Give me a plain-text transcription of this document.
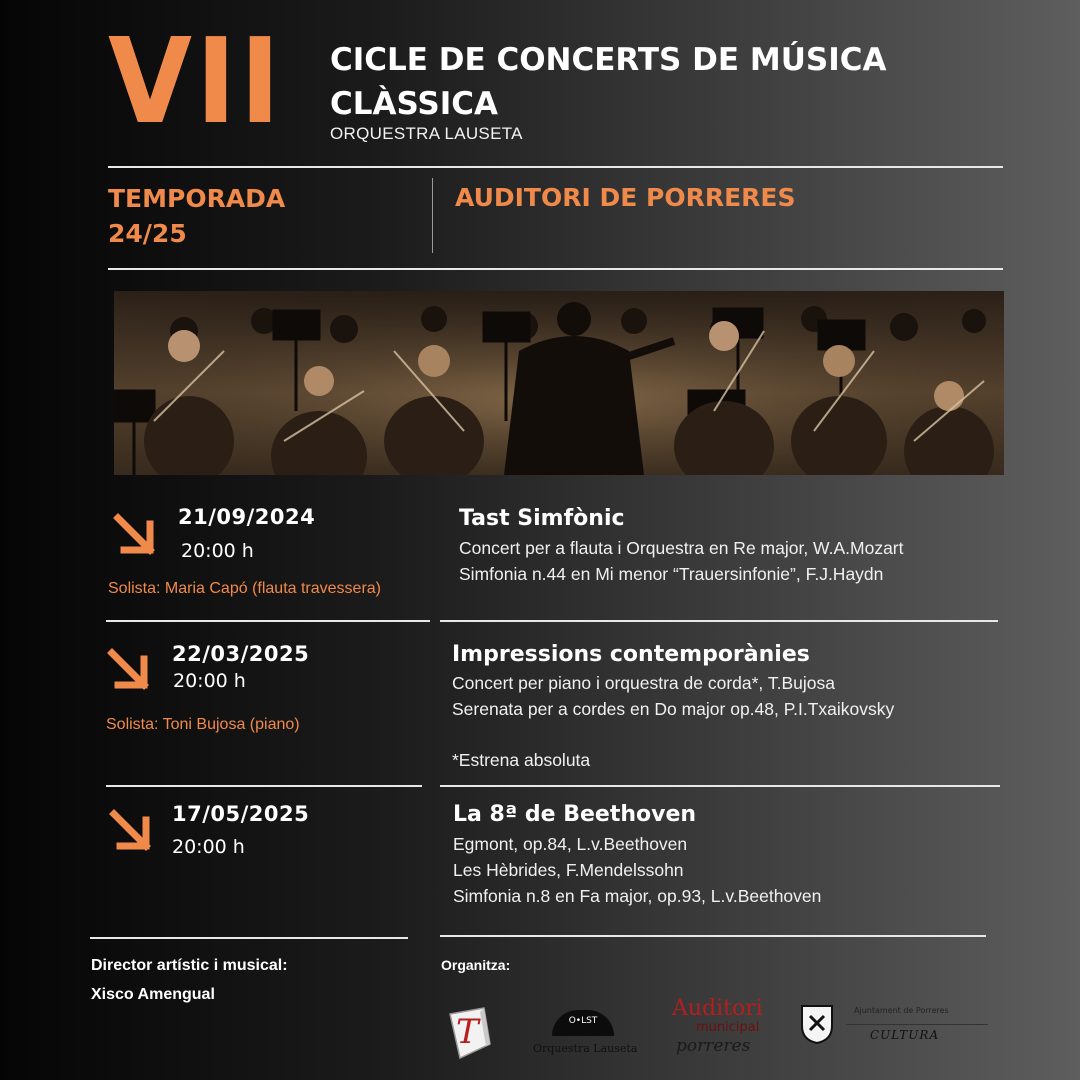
VII CICLE DE CONCERTS DE MÚSICA
CLÀSSICA
ORQUESTRA LAUSETA
TEMPORADA
24/25
AUDITORI DE PORRERES
21/09/2024
20:00 h
Solista: Maria Capó (flauta travessera)
Tast Simfònic
Concert per a flauta i Orquestra en Re major, W.A.Mozart
Simfonia n.44 en Mi menor “Trauersinfonie”, F.J.Haydn
22/03/2025
20:00 h
Solista: Toni Bujosa (piano)
Impressions contemporànies
Concert per piano i orquestra de corda*, T.Bujosa
Serenata per a cordes en Do major op.48, P.I.Txaikovsky
*Estrena absoluta
17/05/2025
20:00 h
La 8ª de Beethoven
Egmont, op.84, L.v.Beethoven
Les Hèbrides, F.Mendelssohn
Simfonia n.8 en Fa major, op.93, L.v.Beethoven
Director artístic i musical:
Xisco Amengual
Organitza:
T	O•LST
Orquestra Lauseta
Auditori
municipal
porreres
Ajuntament de Porreres
CULTURA
